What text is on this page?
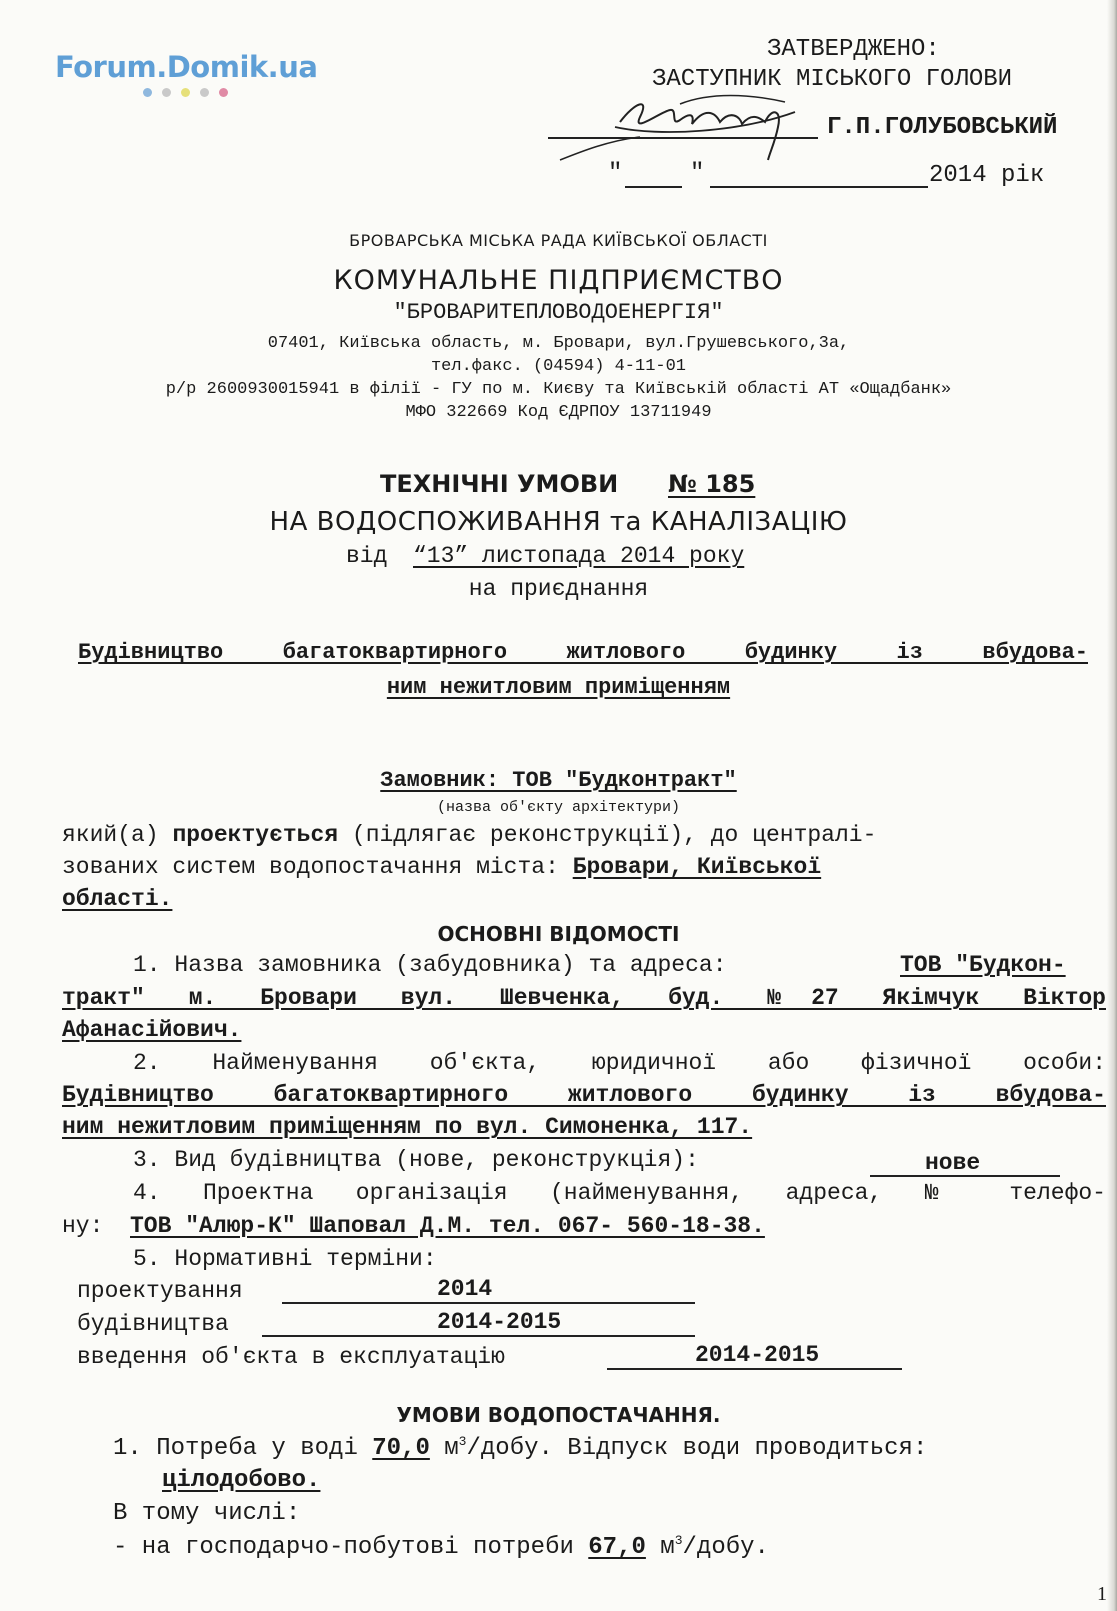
Forum.Domik.ua
ЗАТВЕРДЖЕНО:
ЗАСТУПНИК МІСЬКОГО ГОЛОВИ
Г.П.ГОЛУБОВСЬКИЙ
"	"	2014 рік
БРОВАРСЬКА МІСЬКА РАДА КИЇВСЬКОЇ ОБЛАСТІ
КОМУНАЛЬНЕ ПІДПРИЄМСТВО
"БРОВАРИТЕПЛОВОДОЕНЕРГІЯ"
07401, Київська область, м. Бровари, вул.Грушевського,3а,
тел.факс. (04594) 4-11-01
р/р 2600930015941 в філії - ГУ по м. Києву та Київській області АТ «Ощадбанк»
МФО 322669 Код ЄДРПОУ 13711949
ТЕХНІЧНІ УМОВИ № 185
НА ВОДОСПОЖИВАННЯ та КАНАЛІЗАЦІЮ
від “13” листопада 2014 року
на приєднання
Будівництво багатоквартирного житлового будинку із вбудова-
ним нежитловим приміщенням
Замовник: ТОВ "Будконтракт"
(назва об'єкту архітектури)
який(а) проектується (підлягає реконструкції), до централі-
зованих систем водопостачання міста: Бровари, Київської
області.
ОСНОВНІ ВІДОМОСТІ
1. Назва замовника (забудовника) та адреса:	ТОВ "Будкон-
тракт" м. Бровари вул. Шевченка, буд. №27 Якімчук Віктор
Афанасійович.
2. Найменування об'єкта, юридичної або фізичної особи:
Будівництво багатоквартирного житлового будинку із вбудова-
ним нежитловим приміщенням по вул. Симоненка, 117.
3. Вид будівництва (нове, реконструкція):	нове
4. Проектна організація (найменування, адреса, № телефо-
ну: ТОВ "Алюр-К" Шаповал Д.М. тел. 067- 560-18-38.
5. Нормативні терміни:
проектування	2014
будівництва	2014-2015
введення об'єкта в експлуатацію	2014-2015
УМОВИ ВОДОПОСТАЧАННЯ.
1. Потреба у воді 70,0 $м^3$/добу. Відпуск води проводиться:
цілодобово.
В тому числі:
- на господарчо-побутові потреби 67,0 $м^3$/добу.
1
